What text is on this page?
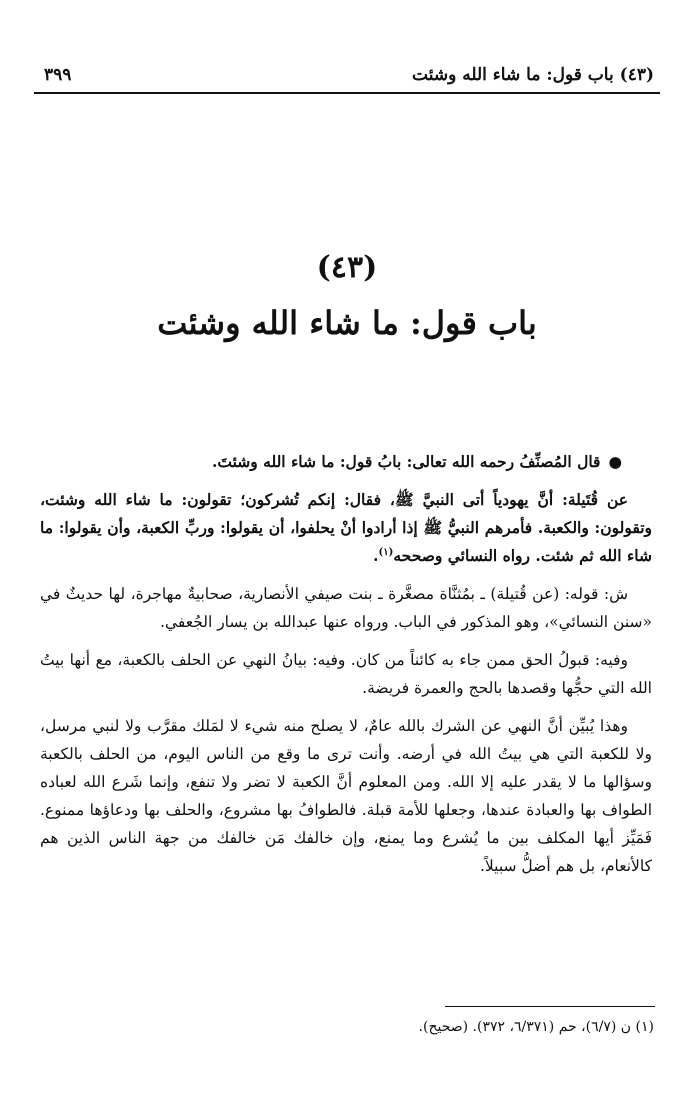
(٤٣) باب قول: ما شاء الله وشئت
٣٩٩
(٤٣)
باب قول: ما شاء الله وشئت

●قال المُصنِّفُ رحمه الله تعالى: بابُ قول: ما شاء الله وشئتَ.

عن قُتَيلة: أنَّ يهودياً أتى النبيَّ ﷺ، فقال: إنكم تُشركون؛ تقولون: ما شاء الله وشئت، وتقولون: والكعبة. فأمرهم النبيُّ ﷺ إذا أرادوا أنْ يحلفوا، أن يقولوا: وربِّ الكعبة، وأن يقولوا: ما شاء الله ثم شئت. رواه النسائي وصححه$^{(١)}$.

ش: قوله: (عن قُتيلة) ـ بمُثنَّاة مصغَّرة ـ بنت صيفي الأنصارية، صحابيةٌ مهاجرة، لها حديثٌ في «سنن النسائي»، وهو المذكور في الباب. ورواه عنها عبدالله بن يسار الجُعفي.

وفيه: قبولُ الحق ممن جاء به كائناً من كان. وفيه: بيانُ النهي عن الحلف بالكعبة، مع أنها بيتُ الله التي حجُّها وقصدها بالحج والعمرة فريضة.

وهذا يُبيِّن أنَّ النهي عن الشرك بالله عامٌ، لا يصلح منه شيء لا لمَلك مقرَّب ولا لنبي مرسل، ولا للكعبة التي هي بيتُ الله في أرضه. وأنت ترى ما وقع من الناس اليوم، من الحلف بالكعبة وسؤالها ما لا يقدر عليه إلا الله. ومن المعلوم أنَّ الكعبة لا تضر ولا تنفع، وإنما شَرع الله لعباده الطواف بها والعبادة عندها، وجعلها للأمة قبلة. فالطوافُ بها مشروع، والحلف بها ودعاؤها ممنوع. فَمَيِّز أيها المكلف بين ما يُشرع وما يمنع، وإن خالفك مَن خالفك من جهة الناس الذين هم كالأنعام، بل هم أضلُّ سبيلاً.

(١) ن (٦/٧)، حم (٦/٣٧١، ٣٧٢). (صحيح).
